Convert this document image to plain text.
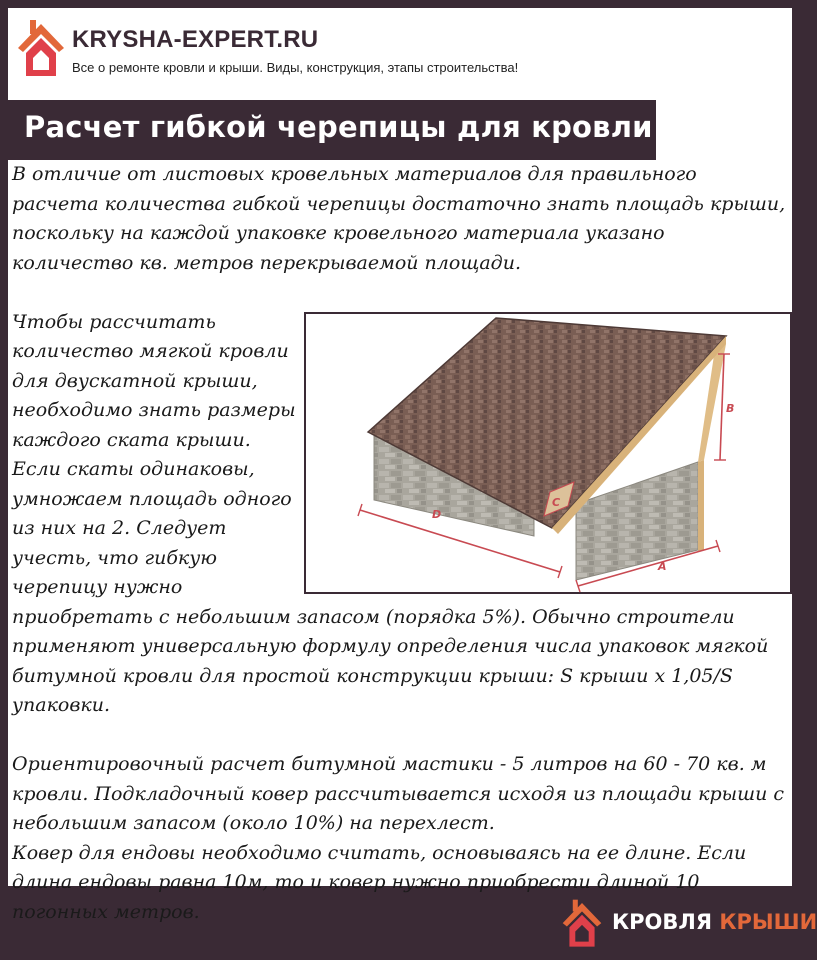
KRYSHA-EXPERT.RU
Все о ремонте кровли и крыши. Виды, конструкция, этапы строительства!
Расчет гибкой черепицы для кровли

В отличие от листовых кровельных материалов для правильного расчета количества гибкой черепицы достаточно знать площадь крыши, поскольку на каждой упаковке кровельного материала указано количество кв. метров перекрываемой площади.

C
D
A
B

Чтобы рассчитать количество мягкой кровли для двускатной крыши, необходимо знать размеры каждого ската крыши. Если скаты одинаковы, умножаем площадь одного из них на 2. Следует учесть, что гибкую черепицу нужно приобретать с небольшим запасом (порядка 5%). Обычно строители применяют универсальную формулу определения числа упаковок мягкой битумной кровли для простой конструкции крыши: S крыши х 1,05/S упаковки.

Ориентировочный расчет битумной мастики - 5 литров на 60 - 70 кв. м кровли. Подкладочный ковер рассчитывается исходя из площади крыши с небольшим запасом (около 10%) на перехлест.

Ковер для ендовы необходимо считать, основываясь на ее длине. Если длина ендовы равна 10м, то и ковер нужно приобрести длиной 10 погонных метров.	КРОВЛЯ КРЫШИ
